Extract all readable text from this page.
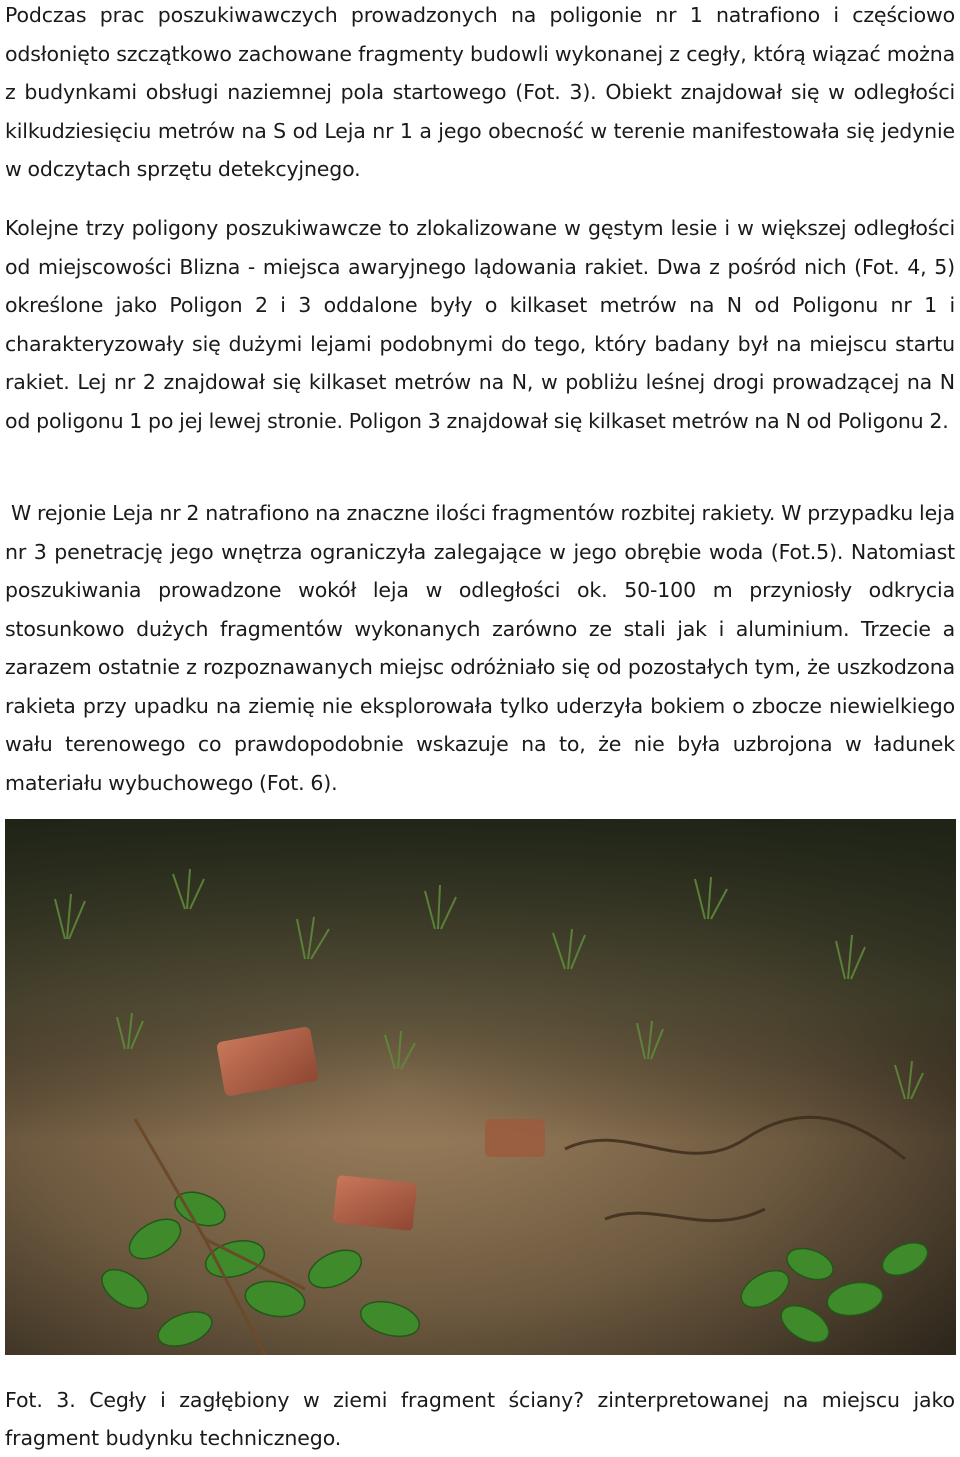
Podczas prac poszukiwawczych prowadzonych na poligonie nr 1 natrafiono i częściowo odsłonięto szczątkowo zachowane fragmenty budowli wykonanej z cegły, którą wiązać można z budynkami obsługi naziemnej pola startowego (Fot. 3). Obiekt znajdował się w odległości kilkudziesięciu metrów na S od Leja nr 1 a jego obecność w terenie manifestowała się jedynie w odczytach sprzętu detekcyjnego.

Kolejne trzy poligony poszukiwawcze to zlokalizowane w gęstym lesie i w większej odległości od miejscowości Blizna - miejsca awaryjnego lądowania rakiet. Dwa z pośród nich (Fot. 4, 5) określone jako Poligon 2 i 3 oddalone były o kilkaset metrów na N od Poligonu nr 1 i charakteryzowały się dużymi lejami podobnymi do tego, który badany był na miejscu startu rakiet. Lej nr 2 znajdował się kilkaset metrów na N, w pobliżu leśnej drogi prowadzącej na N od poligonu 1 po jej lewej stronie. Poligon 3 znajdował się kilkaset metrów na N od Poligonu 2.

W rejonie Leja nr 2 natrafiono na znaczne ilości fragmentów rozbitej rakiety. W przypadku leja nr 3 penetrację jego wnętrza ograniczyła zalegające w jego obrębie woda (Fot.5). Natomiast poszukiwania prowadzone wokół leja w odległości ok. 50-100 m przyniosły odkrycia stosunkowo dużych fragmentów wykonanych zarówno ze stali jak i aluminium. Trzecie a zarazem ostatnie z rozpoznawanych miejsc odróżniało się od pozostałych tym, że uszkodzona rakieta przy upadku na ziemię nie eksplorowała tylko uderzyła bokiem o zbocze niewielkiego wału terenowego co prawdopodobnie wskazuje na to, że nie była uzbrojona w ładunek materiału wybuchowego (Fot. 6).

Fot. 3. Cegły i zagłębiony w ziemi fragment ściany? zinterpretowanej na miejscu jako fragment budynku technicznego.
